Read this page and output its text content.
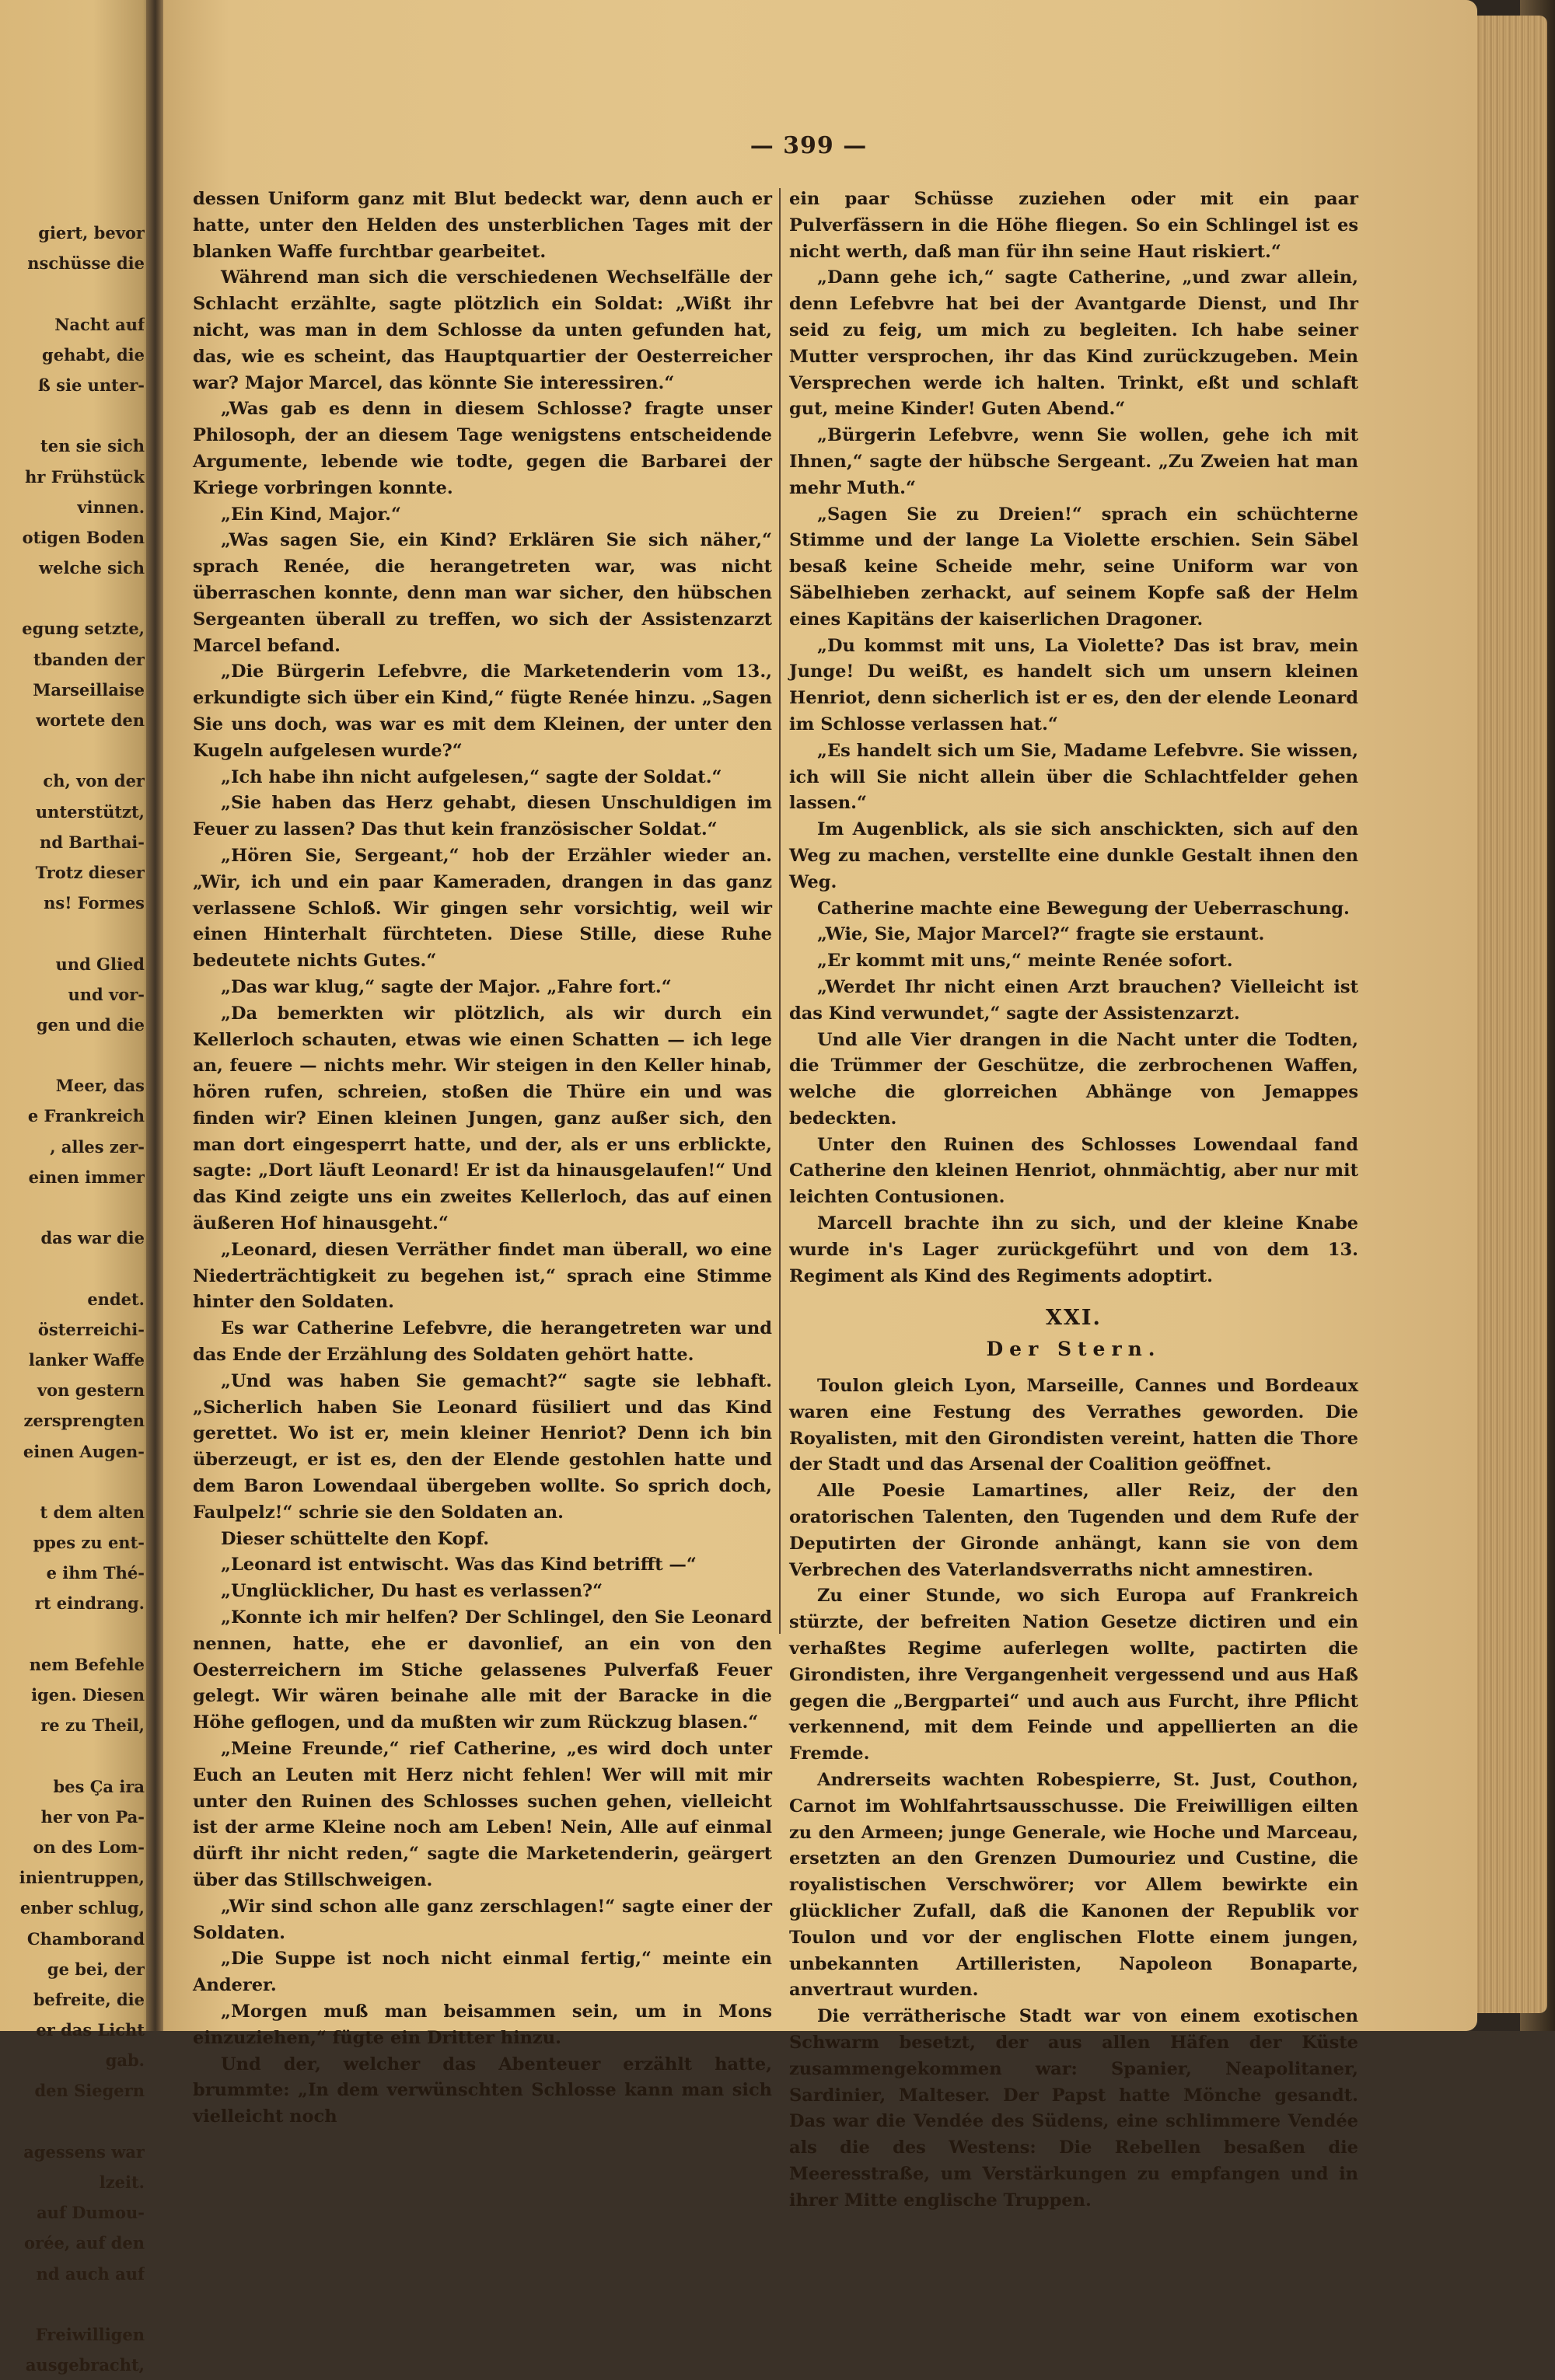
giert, bevor
nschüsse die
Nacht auf
gehabt, die
ß sie unter-
ten sie sich
hr Frühstück
vinnen.
otigen Boden
welche sich
egung setzte,
tbanden der
Marseillaise
wortete den
ch, von der
unterstützt,
nd Barthai-
Trotz dieser
ns! Formes
und Glied
und vor-
gen und die
Meer, das
e Frankreich
, alles zer-
einen immer
das war die
endet.
österreichi-
lanker Waffe
von gestern
zersprengten
einen Augen-
t dem alten
ppes zu ent-
e ihm Thé-
rt eindrang.
nem Befehle
igen. Diesen
re zu Theil,
bes Ça ira
her von Pa-
on des Lom-
inientruppen,
enber schlug,
Chamborand
ge bei, der
befreite, die
er das Licht
gab.
den Siegern
agessens war
lzeit.
auf Dumou-
orée, auf den
nd auch auf
Freiwilligen
ausgebracht,
— 399 —

dessen Uniform ganz mit Blut bedeckt war, denn auch er hatte, unter den Helden des unsterblichen Tages mit der blanken Waffe furchtbar gearbeitet.

Während man sich die verschiedenen Wechselfälle der Schlacht erzählte, sagte plötzlich ein Soldat: „Wißt ihr nicht, was man in dem Schlosse da unten gefunden hat, das, wie es scheint, das Hauptquartier der Oesterreicher war? Major Marcel, das könnte Sie interessiren.“

„Was gab es denn in diesem Schlosse? fragte unser Philosoph, der an diesem Tage wenigstens entscheidende Argumente, lebende wie todte, gegen die Barbarei der Kriege vorbringen konnte.

„Ein Kind, Major.“

„Was sagen Sie, ein Kind? Erklären Sie sich näher,“ sprach Renée, die herangetreten war, was nicht überraschen konnte, denn man war sicher, den hübschen Sergeanten überall zu treffen, wo sich der Assistenzarzt Marcel befand.

„Die Bürgerin Lefebvre, die Marketenderin vom 13., erkundigte sich über ein Kind,“ fügte Renée hinzu. „Sagen Sie uns doch, was war es mit dem Kleinen, der unter den Kugeln aufgelesen wurde?“

„Ich habe ihn nicht aufgelesen,“ sagte der Soldat.“

„Sie haben das Herz gehabt, diesen Unschuldigen im Feuer zu lassen? Das thut kein französischer Soldat.“

„Hören Sie, Sergeant,“ hob der Erzähler wieder an. „Wir, ich und ein paar Kameraden, drangen in das ganz verlassene Schloß. Wir gingen sehr vorsichtig, weil wir einen Hinterhalt fürchteten. Diese Stille, diese Ruhe bedeutete nichts Gutes.“

„Das war klug,“ sagte der Major. „Fahre fort.“

„Da bemerkten wir plötzlich, als wir durch ein Kellerloch schauten, etwas wie einen Schatten — ich lege an, feuere — nichts mehr. Wir steigen in den Keller hinab, hören rufen, schreien, stoßen die Thüre ein und was finden wir? Einen kleinen Jungen, ganz außer sich, den man dort eingesperrt hatte, und der, als er uns erblickte, sagte: „Dort läuft Leonard! Er ist da hinausgelaufen!“ Und das Kind zeigte uns ein zweites Kellerloch, das auf einen äußeren Hof hinausgeht.“

„Leonard, diesen Verräther findet man überall, wo eine Niederträchtigkeit zu begehen ist,“ sprach eine Stimme hinter den Soldaten.

Es war Catherine Lefebvre, die herangetreten war und das Ende der Erzählung des Soldaten gehört hatte.

„Und was haben Sie gemacht?“ sagte sie lebhaft. „Sicherlich haben Sie Leonard füsiliert und das Kind gerettet. Wo ist er, mein kleiner Henriot? Denn ich bin überzeugt, er ist es, den der Elende gestohlen hatte und dem Baron Lowendaal übergeben wollte. So sprich doch, Faulpelz!“ schrie sie den Soldaten an.

Dieser schüttelte den Kopf.

„Leonard ist entwischt. Was das Kind betrifft —“

„Unglücklicher, Du hast es verlassen?“

„Konnte ich mir helfen? Der Schlingel, den Sie Leonard nennen, hatte, ehe er davonlief, an ein von den Oesterreichern im Stiche gelassenes Pulverfaß Feuer gelegt. Wir wären beinahe alle mit der Baracke in die Höhe geflogen, und da mußten wir zum Rückzug blasen.“

„Meine Freunde,“ rief Catherine, „es wird doch unter Euch an Leuten mit Herz nicht fehlen! Wer will mit mir unter den Ruinen des Schlosses suchen gehen, vielleicht ist der arme Kleine noch am Leben! Nein, Alle auf einmal dürft ihr nicht reden,“ sagte die Marketenderin, geärgert über das Stillschweigen.

„Wir sind schon alle ganz zerschlagen!“ sagte einer der Soldaten.

„Die Suppe ist noch nicht einmal fertig,“ meinte ein Anderer.

„Morgen muß man beisammen sein, um in Mons einzuziehen,“ fügte ein Dritter hinzu.

Und der, welcher das Abenteuer erzählt hatte, brummte: „In dem verwünschten Schlosse kann man sich vielleicht noch

ein paar Schüsse zuziehen oder mit ein paar Pulverfässern in die Höhe fliegen. So ein Schlingel ist es nicht werth, daß man für ihn seine Haut riskiert.“

„Dann gehe ich,“ sagte Catherine, „und zwar allein, denn Lefebvre hat bei der Avantgarde Dienst, und Ihr seid zu feig, um mich zu begleiten. Ich habe seiner Mutter versprochen, ihr das Kind zurückzugeben. Mein Versprechen werde ich halten. Trinkt, eßt und schlaft gut, meine Kinder! Guten Abend.“

„Bürgerin Lefebvre, wenn Sie wollen, gehe ich mit Ihnen,“ sagte der hübsche Sergeant. „Zu Zweien hat man mehr Muth.“

„Sagen Sie zu Dreien!“ sprach ein schüchterne Stimme und der lange La Violette erschien. Sein Säbel besaß keine Scheide mehr, seine Uniform war von Säbelhieben zerhackt, auf seinem Kopfe saß der Helm eines Kapitäns der kaiserlichen Dragoner.

„Du kommst mit uns, La Violette? Das ist brav, mein Junge! Du weißt, es handelt sich um unsern kleinen Henriot, denn sicherlich ist er es, den der elende Leonard im Schlosse verlassen hat.“

„Es handelt sich um Sie, Madame Lefebvre. Sie wissen, ich will Sie nicht allein über die Schlachtfelder gehen lassen.“

Im Augenblick, als sie sich anschickten, sich auf den Weg zu machen, verstellte eine dunkle Gestalt ihnen den Weg.

Catherine machte eine Bewegung der Ueberraschung.

„Wie, Sie, Major Marcel?“ fragte sie erstaunt.

„Er kommt mit uns,“ meinte Renée sofort.

„Werdet Ihr nicht einen Arzt brauchen? Vielleicht ist das Kind verwundet,“ sagte der Assistenzarzt.

Und alle Vier drangen in die Nacht unter die Todten, die Trümmer der Geschütze, die zerbrochenen Waffen, welche die glorreichen Abhänge von Jemappes bedeckten.

Unter den Ruinen des Schlosses Lowendaal fand Catherine den kleinen Henriot, ohnmächtig, aber nur mit leichten Contusionen.

Marcell brachte ihn zu sich, und der kleine Knabe wurde in's Lager zurückgeführt und von dem 13. Regiment als Kind des Regiments adoptirt.

XXI.
Der Stern.

Toulon gleich Lyon, Marseille, Cannes und Bordeaux waren eine Festung des Verrathes geworden. Die Royalisten, mit den Girondisten vereint, hatten die Thore der Stadt und das Arsenal der Coalition geöffnet.

Alle Poesie Lamartines, aller Reiz, der den oratorischen Talenten, den Tugenden und dem Rufe der Deputirten der Gironde anhängt, kann sie von dem Verbrechen des Vaterlandsverraths nicht amnestiren.

Zu einer Stunde, wo sich Europa auf Frankreich stürzte, der befreiten Nation Gesetze dictiren und ein verhaßtes Regime auferlegen wollte, pactirten die Girondisten, ihre Vergangenheit vergessend und aus Haß gegen die „Bergpartei“ und auch aus Furcht, ihre Pflicht verkennend, mit dem Feinde und appellierten an die Fremde.

Andrerseits wachten Robespierre, St. Just, Couthon, Carnot im Wohlfahrtsausschusse. Die Freiwilligen eilten zu den Armeen; junge Generale, wie Hoche und Marceau, ersetzten an den Grenzen Dumouriez und Custine, die royalistischen Verschwörer; vor Allem bewirkte ein glücklicher Zufall, daß die Kanonen der Republik vor Toulon und vor der englischen Flotte einem jungen, unbekannten Artilleristen, Napoleon Bonaparte, anvertraut wurden.

Die verrätherische Stadt war von einem exotischen Schwarm besetzt, der aus allen Häfen der Küste zusammengekommen war: Spanier, Neapolitaner, Sardinier, Malteser. Der Papst hatte Mönche gesandt. Das war die Vendée des Südens, eine schlimmere Vendée als die des Westens: Die Rebellen besaßen die Meeresstraße, um Verstärkungen zu empfangen und in ihrer Mitte englische Truppen.
